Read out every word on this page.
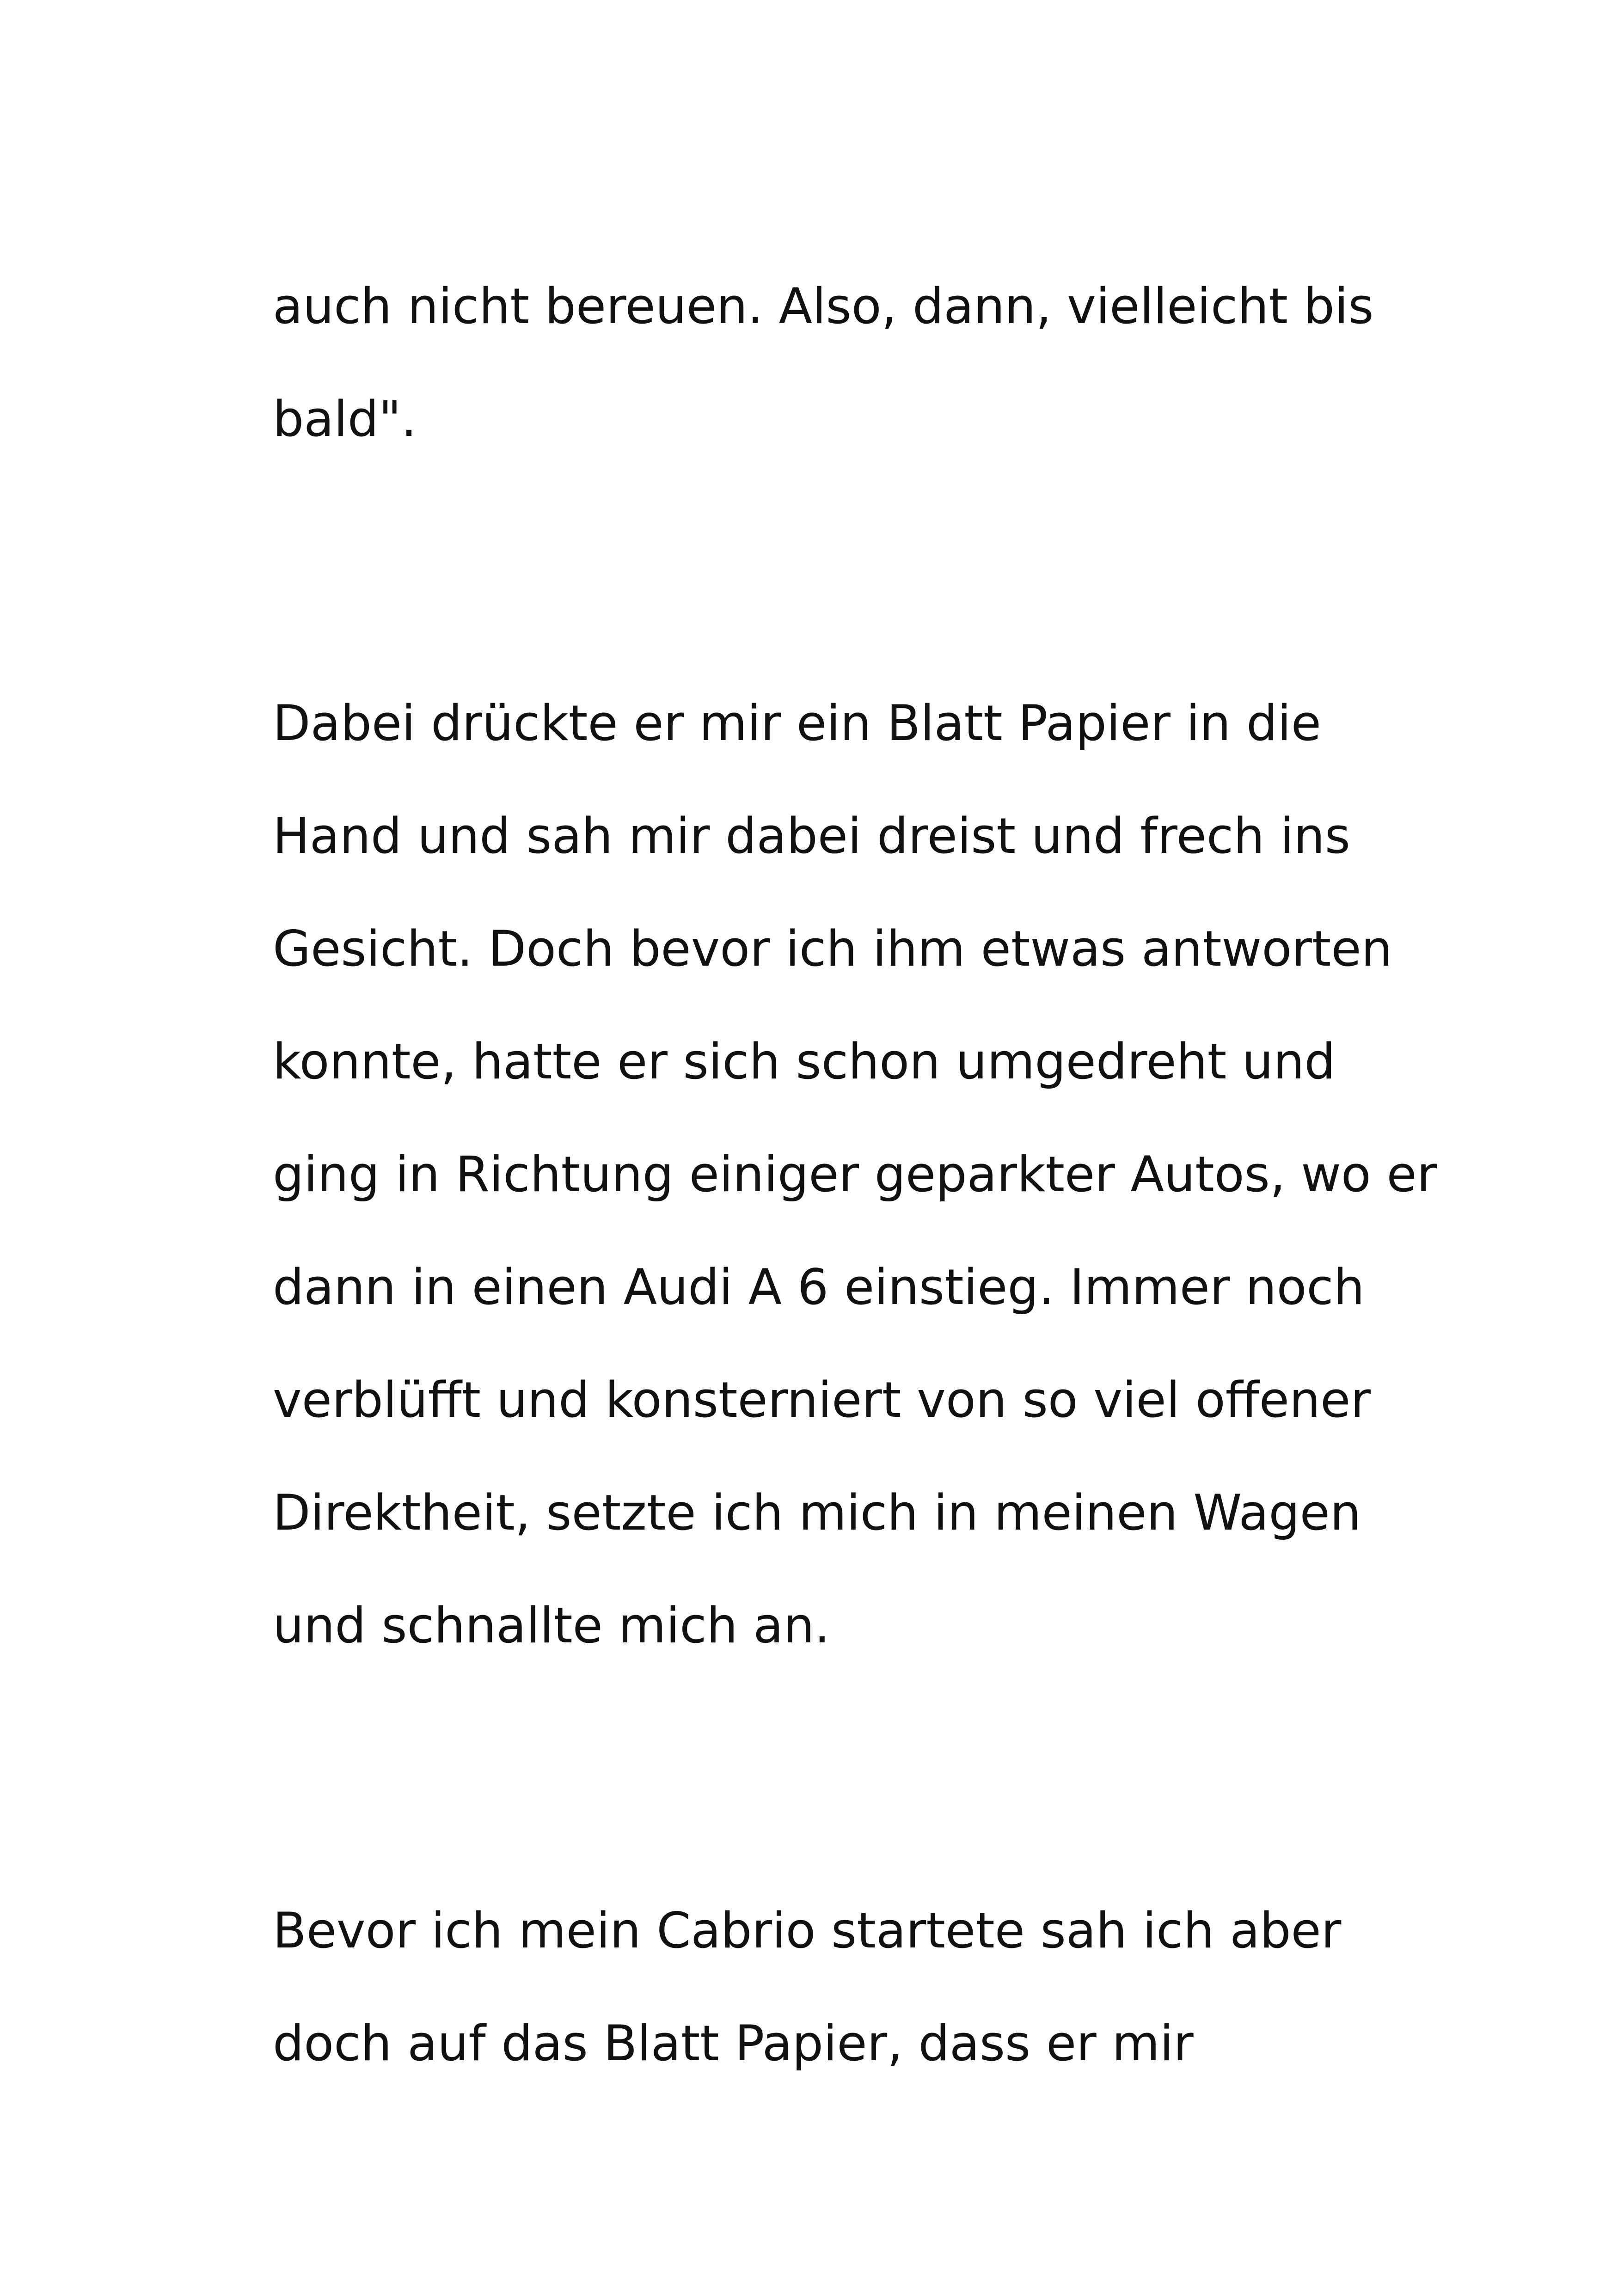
auch nicht bereuen. Also, dann, vielleicht bis

bald".

Dabei drückte er mir ein Blatt Papier in die

Hand und sah mir dabei dreist und frech ins

Gesicht. Doch bevor ich ihm etwas antworten

konnte, hatte er sich schon umgedreht und

ging in Richtung einiger geparkter Autos, wo er

dann in einen Audi A 6 einstieg. Immer noch

verblüfft und konsterniert von so viel offener

Direktheit, setzte ich mich in meinen Wagen

und schnallte mich an.

Bevor ich mein Cabrio startete sah ich aber

doch auf das Blatt Papier, dass er mir
